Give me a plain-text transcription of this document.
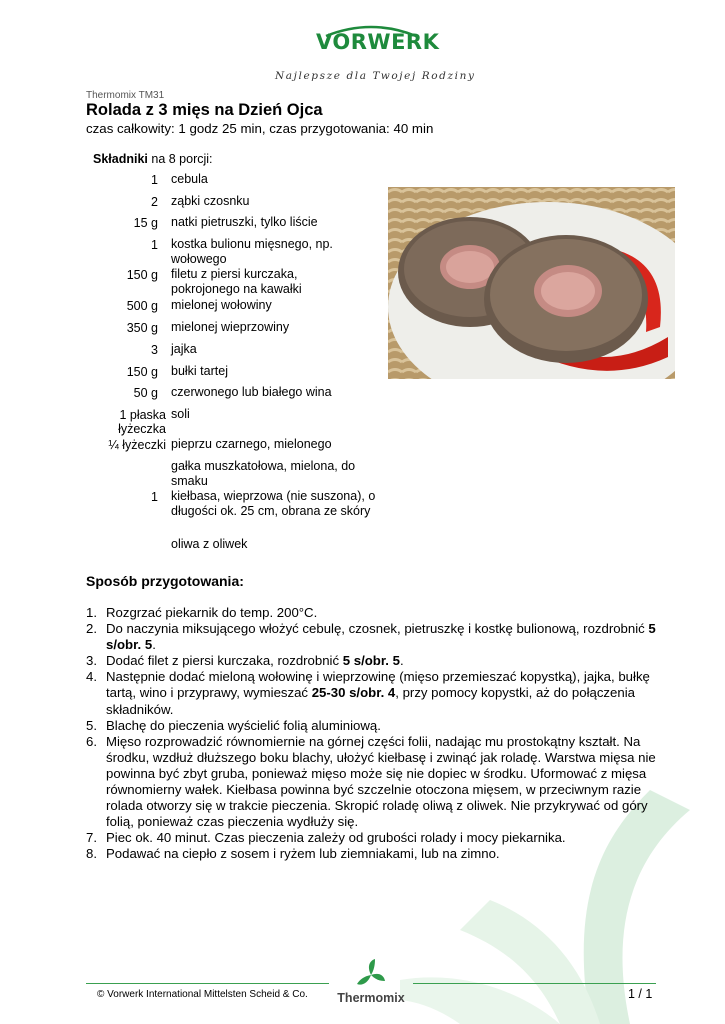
VORWERK
Najlepsze dla Twojej Rodziny
Thermomix TM31
Rolada z 3 mięs na Dzień Ojca
czas całkowity: 1 godz 25 min, czas przygotowania: 40 min
Składniki na 8 porcji:
1 cebula
2 ząbki czosnku
15 g natki pietruszki, tylko liście
1 kostka bulionu mięsnego, np. wołowego
150 g filetu z piersi kurczaka, pokrojonego na kawałki
500 g mielonej wołowiny
350 g mielonej wieprzowiny
3 jajka
150 g bułki tartej
50 g czerwonego lub białego wina
1 płaska łyżeczka
soli
¼ łyżeczki pieprzu czarnego, mielonego
gałka muszkatołowa, mielona, do smaku
1 kiełbasa, wieprzowa (nie suszona), o długości ok. 25 cm, obrana ze skóry
oliwa z oliwek
Sposób przygotowania:
1. Rozgrzać piekarnik do temp. 200°C.
2. Do naczynia miksującego włożyć cebulę, czosnek, pietruszkę i kostkę bulionową, rozdrobnić 5 s/obr. 5.
3. Dodać filet z piersi kurczaka, rozdrobnić 5 s/obr. 5.
4. Następnie dodać mieloną wołowinę i wieprzowinę (mięso przemieszać kopystką), jajka, bułkę tartą, wino i przyprawy, wymieszać 25-30 s/obr. 4, przy pomocy kopystki, aż do połączenia składników.
5. Blachę do pieczenia wyścielić folią aluminiową.
6. Mięso rozprowadzić równomiernie na górnej części folii, nadając mu prostokątny kształt. Na środku, wzdłuż dłuższego boku blachy, ułożyć kiełbasę i zwinąć jak roladę. Warstwa mięsa nie powinna być zbyt gruba, ponieważ mięso może się nie dopiec w środku. Uformować z mięsa równomierny wałek. Kiełbasa powinna być szczelnie otoczona mięsem, w przeciwnym razie rolada otworzy się w trakcie pieczenia. Skropić roladę oliwą z oliwek. Nie przykrywać od góry folią, ponieważ czas pieczenia wydłuży się.
7. Piec ok. 40 minut. Czas pieczenia zależy od grubości rolady i mocy piekarnika.
8. Podawać na ciepło z sosem i ryżem lub ziemniakami, lub na zimno.
© Vorwerk International Mittelsten Scheid & Co.	Thermomix	1 / 1
